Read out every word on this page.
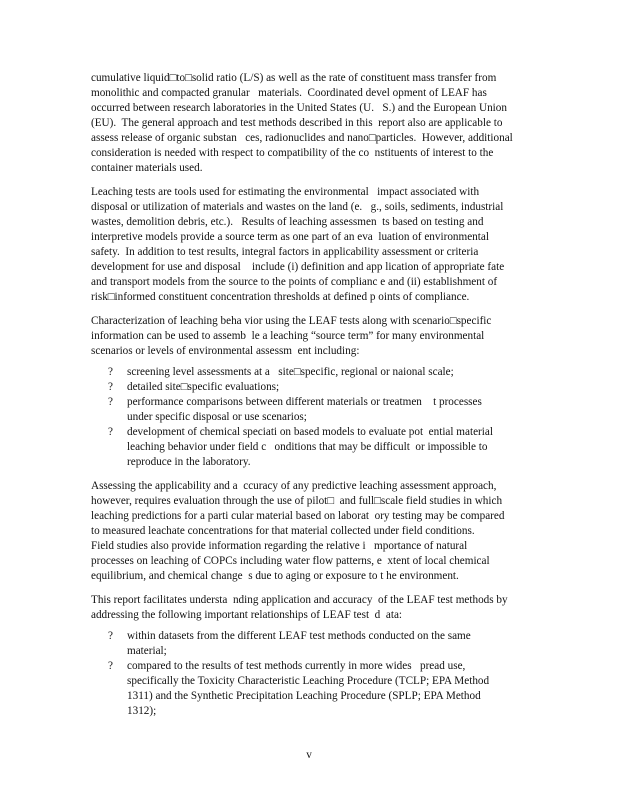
cumulative liquid□to□solid ratio (L/S) as well as the rate of constituent mass transfer from
monolithic and compacted granular   materials.  Coordinated devel opment of LEAF has
occurred between research laboratories in the United States (U.   S.) and the European Union
(EU).  The general approach and test methods described in this  report also are applicable to
assess release of organic substan   ces, radionuclides and nano□particles.  However, additional
consideration is needed with respect to compatibility of the co  nstituents of interest to the
container materials used.
Leaching tests are tools used for estimating the environmental   impact associated with
disposal or utilization of materials and wastes on the land (e.   g., soils, sediments, industrial
wastes, demolition debris, etc.).   Results of leaching assessmen  ts based on testing and
interpretive models provide a source term as one part of an eva  luation of environmental
safety.  In addition to test results, integral factors in applicability assessment or criteria
development for use and disposal    include (i) definition and app lication of appropriate fate
and transport models from the source to the points of complianc e and (ii) establishment of
risk□informed constituent concentration thresholds at defined p oints of compliance.
Characterization of leaching beha vior using the LEAF tests along with scenario□specific
information can be used to assemb  le a leaching “source term” for many environmental
scenarios or levels of environmental assessm  ent including:
? screening level assessments at a   site□specific, regional or naional scale;
? detailed site□specific evaluations;
? performance comparisons between different materials or treatmen    t processes
under specific disposal or use scenarios;
? development of chemical speciati on based models to evaluate pot  ential material
leaching behavior under field c   onditions that may be difficult  or impossible to
reproduce in the laboratory.
Assessing the applicability and a  ccuracy of any predictive leaching assessment approach,
however, requires evaluation through the use of pilot□  and full□scale field studies in which
leaching predictions for a parti cular material based on laborat  ory testing may be compared
to measured leachate concentrations for that material collected under field conditions.
Field studies also provide information regarding the relative i   mportance of natural
processes on leaching of COPCs including water flow patterns, e  xtent of local chemical
equilibrium, and chemical change  s due to aging or exposure to t he environment.
This report facilitates understa  nding application and accuracy  of the LEAF test methods by
addressing the following important relationships of LEAF test  d  ata:
? within datasets from the different LEAF test methods conducted on the same
material;
? compared to the results of test methods currently in more wides   pread use,
specifically the Toxicity Characteristic Leaching Procedure (TCLP; EPA Method
1311) and the Synthetic Precipitation Leaching Procedure (SPLP; EPA Method
1312);
v
